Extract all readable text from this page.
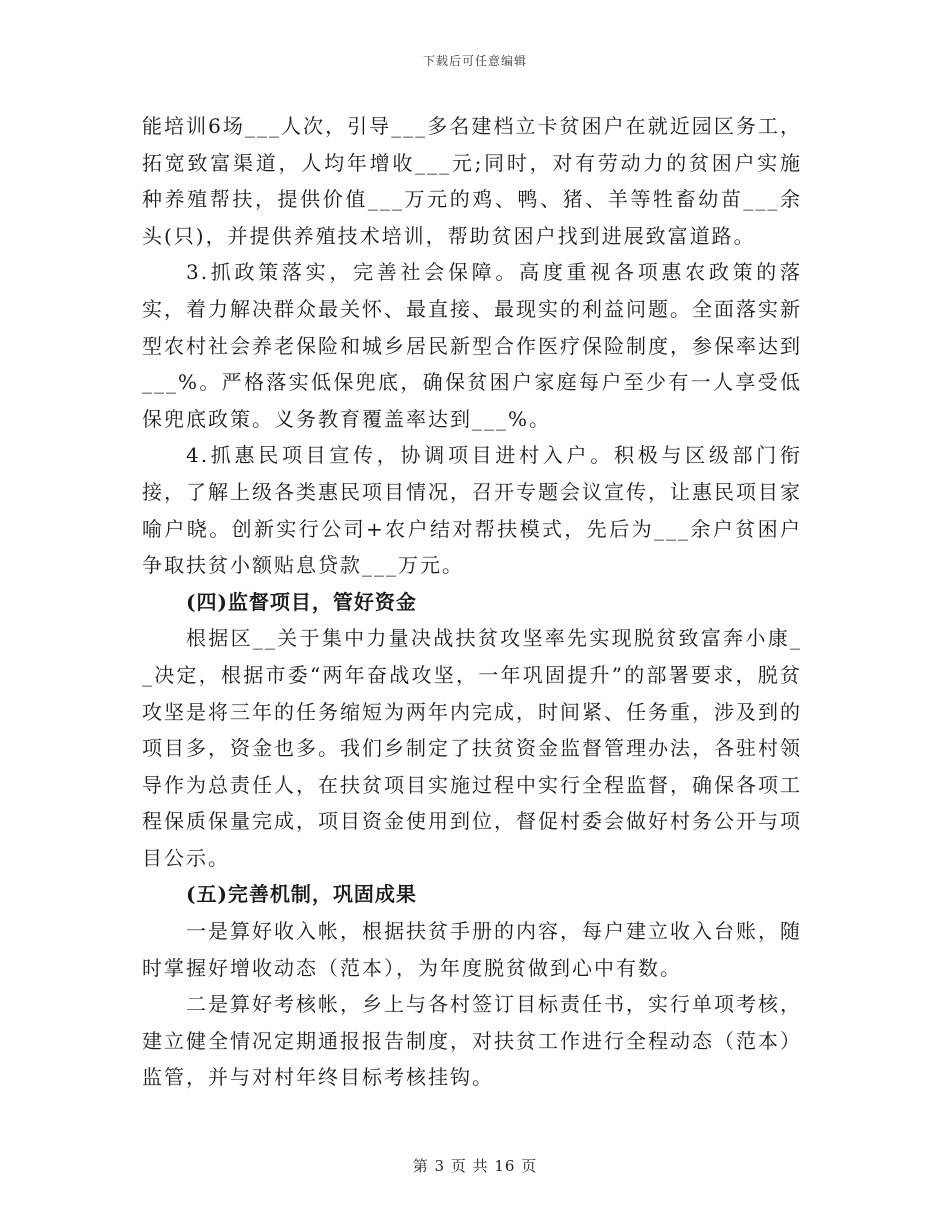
下载后可任意编辑

能培训6场___人次，引导___多名建档立卡贫困户在就近园区务工，拓宽致富渠道，人均年增收___元;同时，对有劳动力的贫困户实施种养殖帮扶，提供价值___万元的鸡、鸭、猪、羊等牲畜幼苗___余头(只)，并提供养殖技术培训，帮助贫困户找到进展致富道路。

3.抓政策落实，完善社会保障。高度重视各项惠农政策的落实，着力解决群众最关怀、最直接、最现实的利益问题。全面落实新型农村社会养老保险和城乡居民新型合作医疗保险制度，参保率达到___%。严格落实低保兜底，确保贫困户家庭每户至少有一人享受低保兜底政策。义务教育覆盖率达到___%。

4.抓惠民项目宣传，协调项目进村入户。积极与区级部门衔接，了解上级各类惠民项目情况，召开专题会议宣传，让惠民项目家喻户晓。创新实行公司+农户结对帮扶模式，先后为___余户贫困户争取扶贫小额贴息贷款___万元。

(四)监督项目，管好资金

根据区__关于集中力量决战扶贫攻坚率先实现脱贫致富奔小康__决定，根据市委“两年奋战攻坚，一年巩固提升”的部署要求，脱贫攻坚是将三年的任务缩短为两年内完成，时间紧、任务重，涉及到的项目多，资金也多。我们乡制定了扶贫资金监督管理办法，各驻村领导作为总责任人，在扶贫项目实施过程中实行全程监督，确保各项工程保质保量完成，项目资金使用到位，督促村委会做好村务公开与项目公示。

(五)完善机制，巩固成果

一是算好收入帐，根据扶贫手册的内容，每户建立收入台账，随时掌握好增收动态（范本），为年度脱贫做到心中有数。

二是算好考核帐，乡上与各村签订目标责任书，实行单项考核，建立健全情况定期通报报告制度，对扶贫工作进行全程动态（范本）监管，并与对村年终目标考核挂钩。

第 3 页 共 16 页
